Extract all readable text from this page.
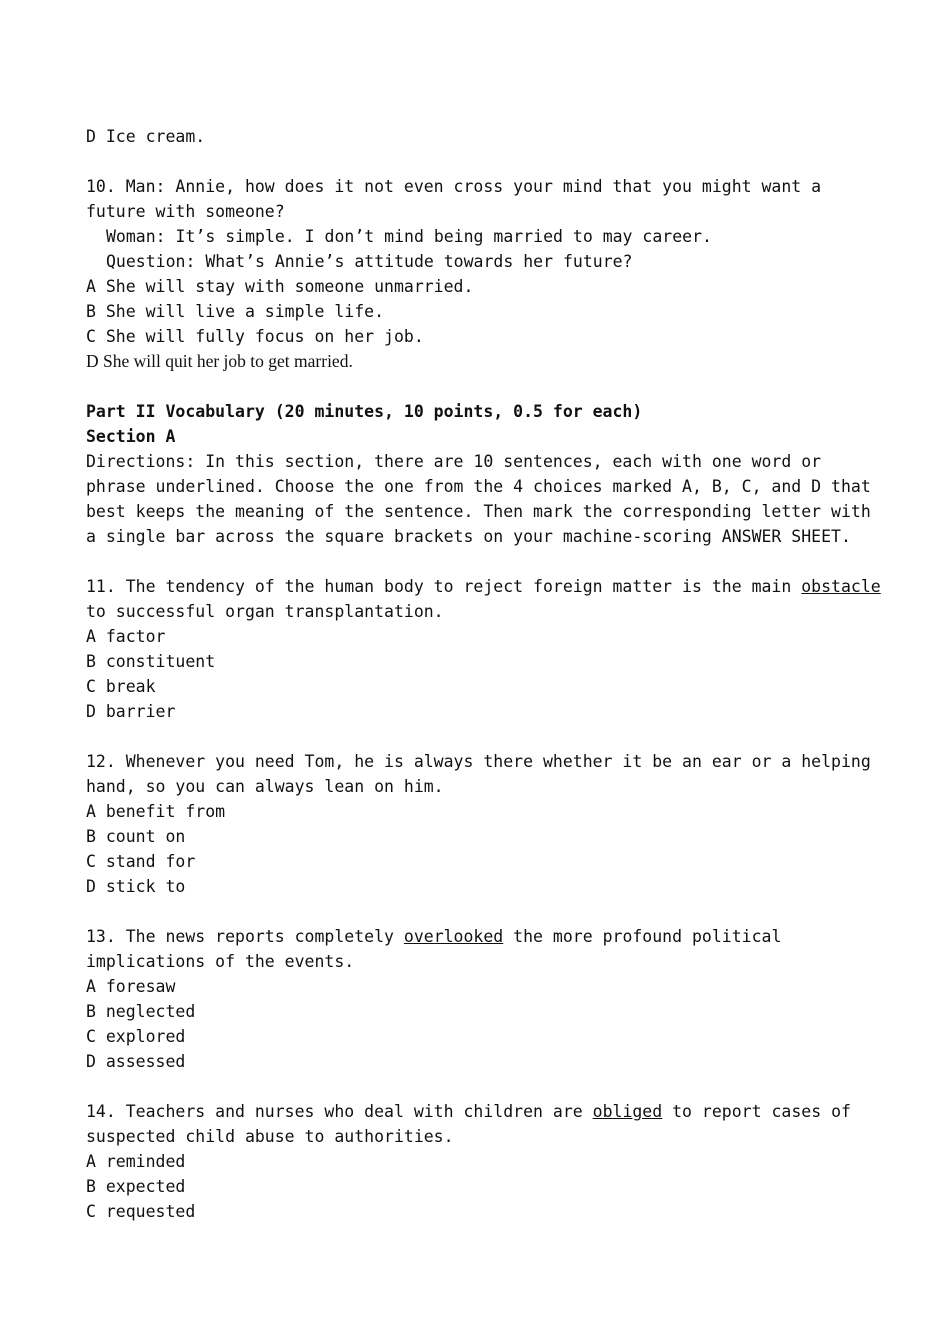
D Ice cream.
10. Man: Annie, how does it not even cross your mind that you might want a future with someone?
Woman: It’s simple. I don’t mind being married to may career.
Question: What’s Annie’s attitude towards her future?
A She will stay with someone unmarried.
B She will live a simple life.
C She will fully focus on her job.
D She will quit her job to get married.
Part II Vocabulary (20 minutes, 10 points, 0.5 for each)
Section A
Directions: In this section, there are 10 sentences, each with one word or phrase underlined. Choose the one from the 4 choices marked A, B, C, and D that best keeps the meaning of the sentence. Then mark the corresponding letter with a single bar across the square brackets on your machine-scoring ANSWER SHEET.
11. The tendency of the human body to reject foreign matter is the main obstacle to successful organ transplantation.
A factor
B constituent
C break
D barrier
12. Whenever you need Tom, he is always there whether it be an ear or a helping hand, so you can always lean on him.
A benefit from
B count on
C stand for
D stick to
13. The news reports completely overlooked the more profound political implications of the events.
A foresaw
B neglected
C explored
D assessed
14. Teachers and nurses who deal with children are obliged to report cases of suspected child abuse to authorities.
A reminded
B expected
C requested
